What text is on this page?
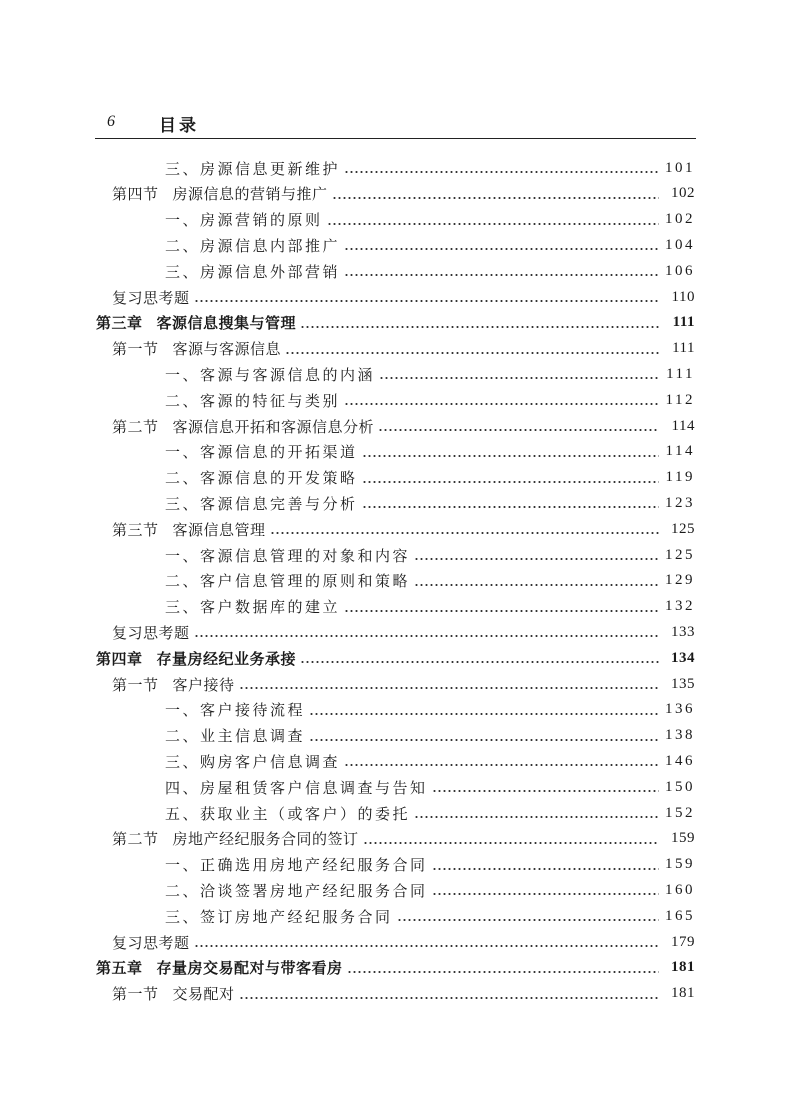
6	目录
三、房源信息更新维护	101
第四节 房源信息的营销与推广	102
一、房源营销的原则	102
二、房源信息内部推广	104
三、房源信息外部营销	106
复习思考题	110
第三章 客源信息搜集与管理	111
第一节 客源与客源信息	111
一、客源与客源信息的内涵	111
二、客源的特征与类别	112
第二节 客源信息开拓和客源信息分析	114
一、客源信息的开拓渠道	114
二、客源信息的开发策略	119
三、客源信息完善与分析	123
第三节 客源信息管理	125
一、客源信息管理的对象和内容	125
二、客户信息管理的原则和策略	129
三、客户数据库的建立	132
复习思考题	133
第四章 存量房经纪业务承接	134
第一节 客户接待	135
一、客户接待流程	136
二、业主信息调查	138
三、购房客户信息调查	146
四、房屋租赁客户信息调查与告知	150
五、获取业主（或客户）的委托	152
第二节 房地产经纪服务合同的签订	159
一、正确选用房地产经纪服务合同	159
二、洽谈签署房地产经纪服务合同	160
三、签订房地产经纪服务合同	165
复习思考题	179
第五章 存量房交易配对与带客看房	181
第一节 交易配对	181
